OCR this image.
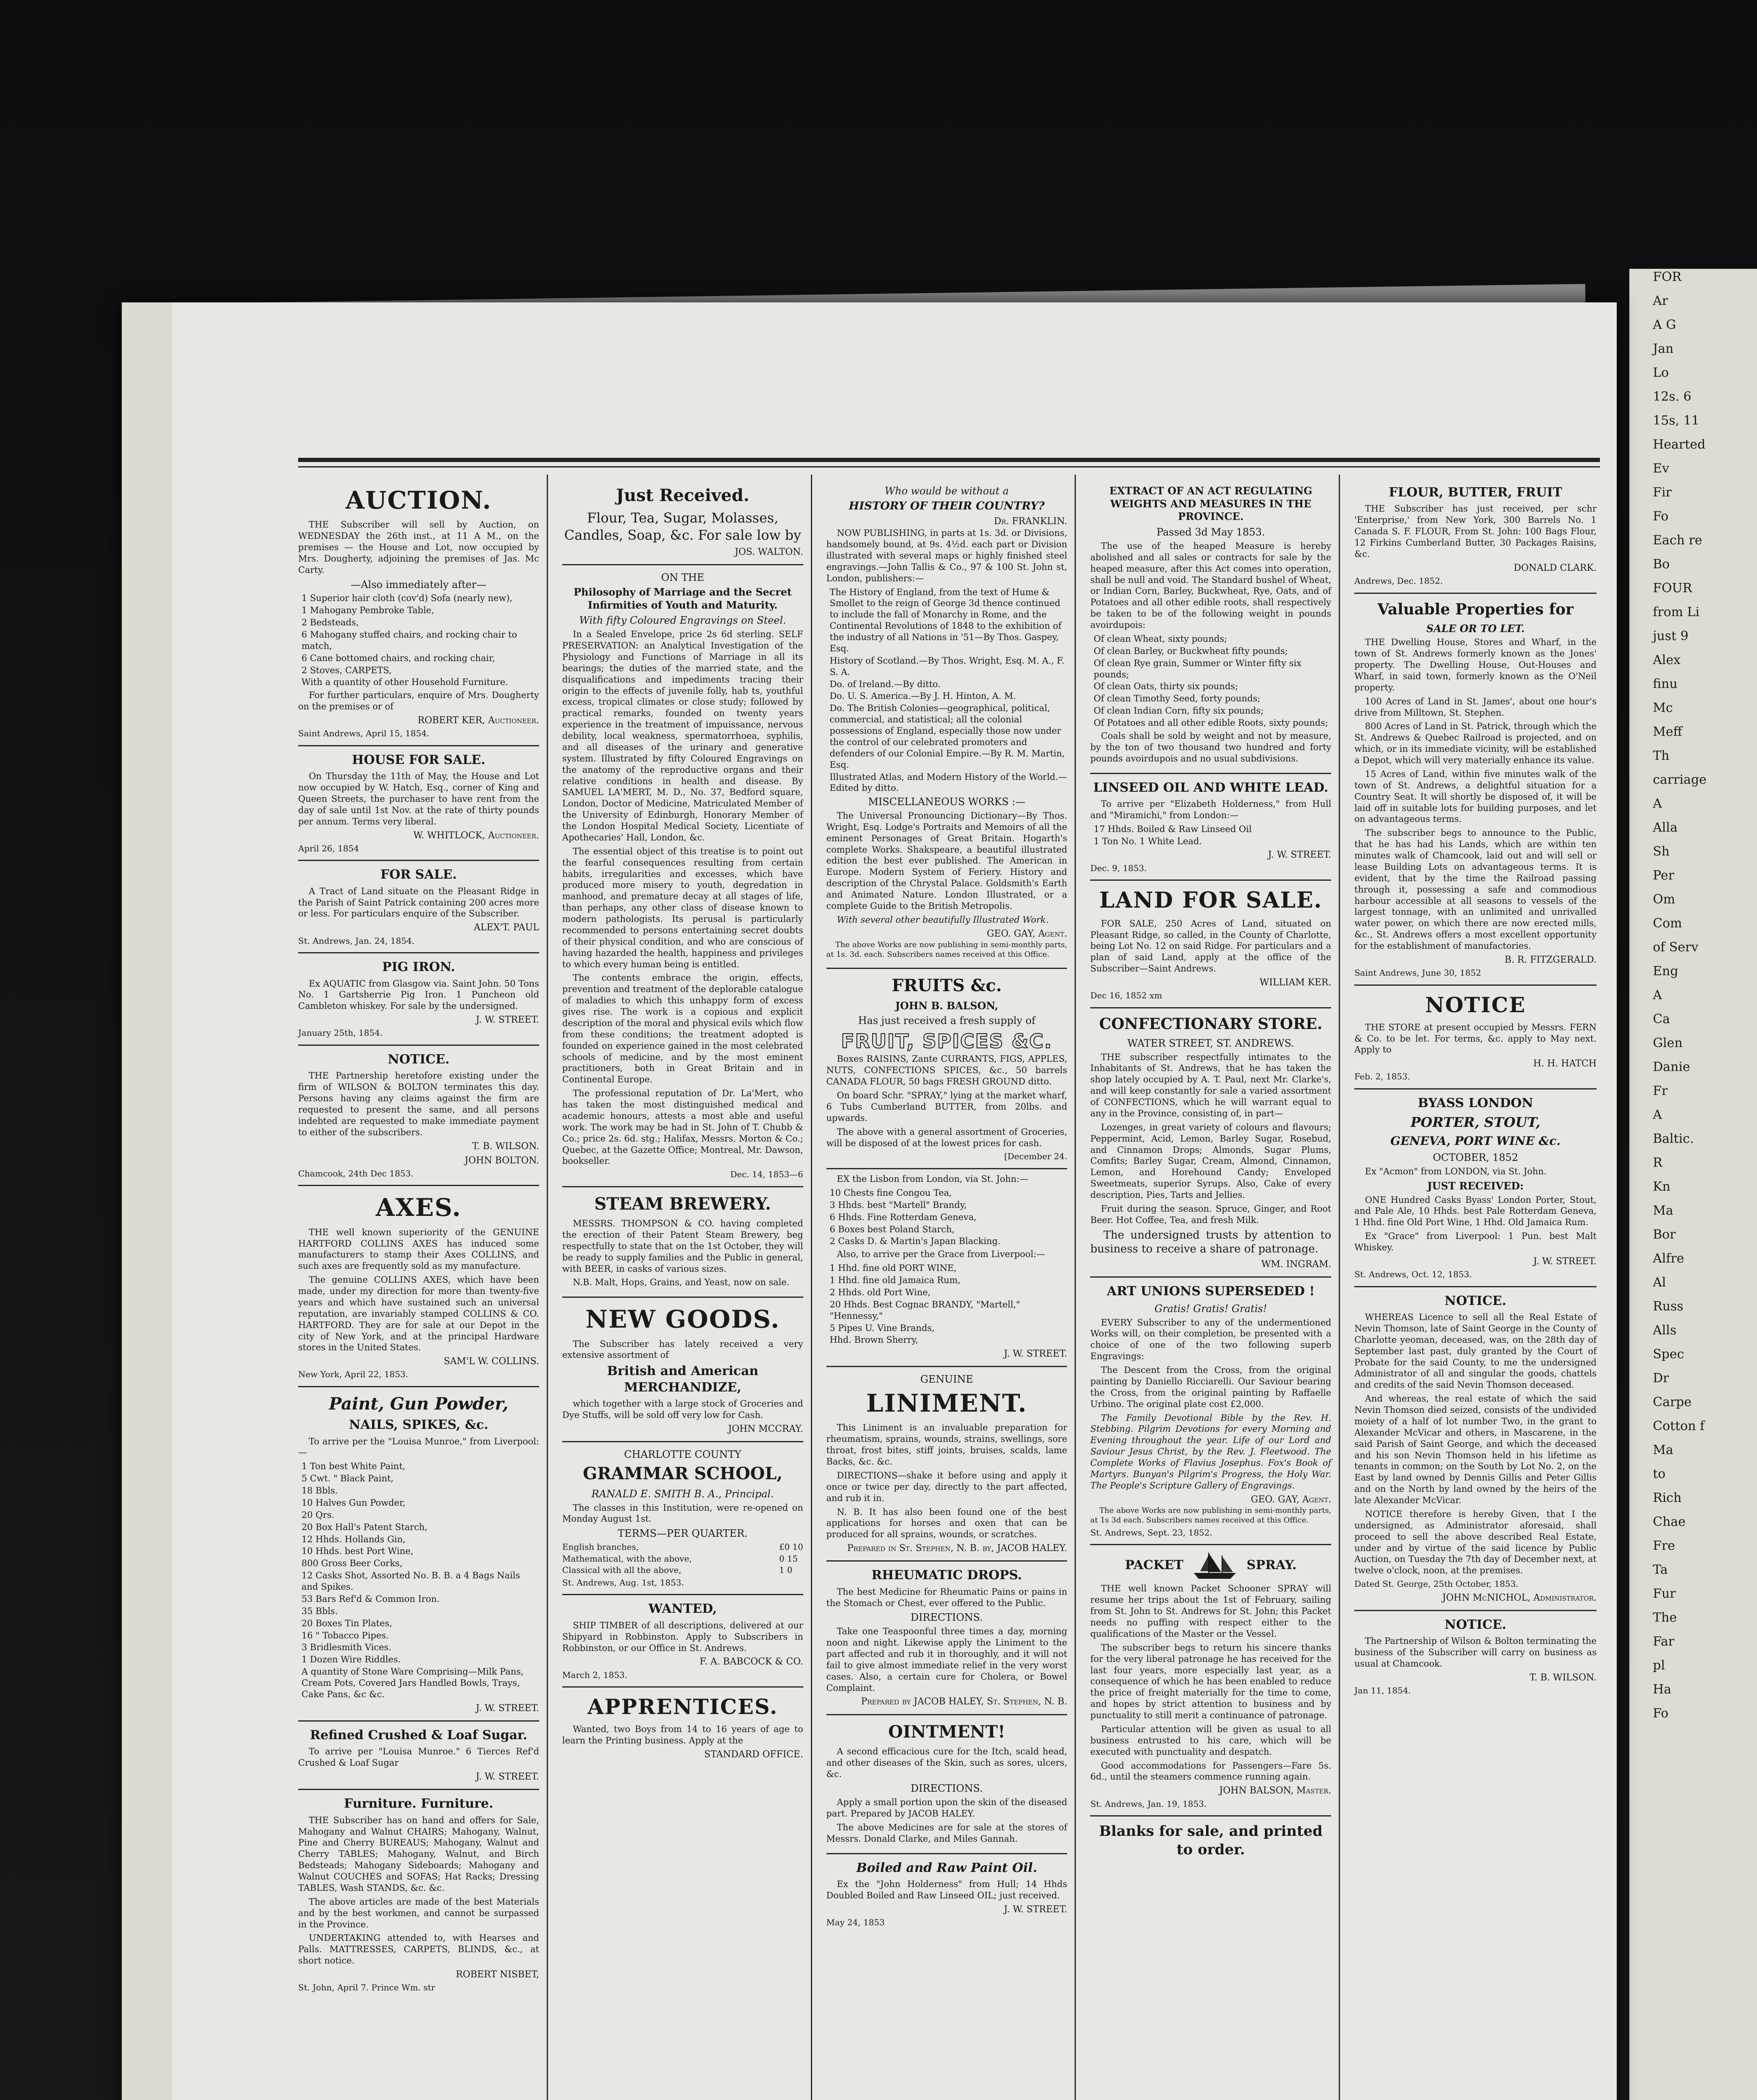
FOR

Ar

A G

Jan

Lo

12s. 6

15s, 11

Hearted

Ev

Fir

Fo

Each re

Bo

FOUR

from Li

just 9

Alex

finu

Mc

Meff

Th

carriage

A

Alla

Sh

Per

Om

Com

of Serv

Eng

A

Ca

Glen

Danie

Fr

A

Baltic.

R

Kn

Ma

Bor

Alfre

Al

Russ

Alls

Spec

Dr

Carpe

Cotton f

Ma

to

Rich

Chae

Fre

Ta

Fur

The

Far

pl

Ha

Fo

AUCTION.

THE Subscriber will sell by Auction, on WEDNESDAY the 26th inst., at 11 A M., on the premises — the House and Lot, now occupied by Mrs. Dougherty, adjoining the premises of Jas. Mc Carty.

—Also immediately after—
1 Superior hair cloth (cov'd) Sofa (nearly new),
1 Mahogany Pembroke Table,
2 Bedsteads,
6 Mahogany stuffed chairs, and rocking chair to match,
6 Cane bottomed chairs, and rocking chair,
2 Stoves, CARPETS,
With a quantity of other Household Furniture.

For further particulars, enquire of Mrs. Dougherty on the premises or of

ROBERT KER, Auctioneer.
Saint Andrews, April 15, 1854.
HOUSE FOR SALE.

On Thursday the 11th of May, the House and Lot now occupied by W. Hatch, Esq., corner of King and Queen Streets, the purchaser to have rent from the day of sale until 1st Nov. at the rate of thirty pounds per annum. Terms very liberal.

W. WHITLOCK, Auctioneer.
April 26, 1854
FOR SALE.

A Tract of Land situate on the Pleasant Ridge in the Parish of Saint Patrick containing 200 acres more or less. For particulars enquire of the Subscriber.

ALEX'T. PAUL
St. Andrews, Jan. 24, 1854.
PIG IRON.

Ex AQUATIC from Glasgow via. Saint John. 50 Tons No. 1 Gartsherrie Pig Iron. 1 Puncheon old Cambleton whiskey. For sale by the undersigned.

J. W. STREET.
January 25th, 1854.
NOTICE.

THE Partnership heretofore existing under the firm of WILSON & BOLTON terminates this day. Persons having any claims against the firm are requested to present the same, and all persons indebted are requested to make immediate payment to either of the subscribers.

T. B. WILSON.
JOHN BOLTON.
Chamcook, 24th Dec 1853.
AXES.

THE well known superiority of the GENUINE HARTFORD COLLINS AXES has induced some manufacturers to stamp their Axes COLLINS, and such axes are frequently sold as my manufacture.

The genuine COLLINS AXES, which have been made, under my direction for more than twenty-five years and which have sustained such an universal reputation, are invariably stamped COLLINS & CO. HARTFORD. They are for sale at our Depot in the city of New York, and at the principal Hardware stores in the United States.

SAM'L W. COLLINS.
New York, April 22, 1853.
Paint, Gun Powder,
NAILS, SPIKES, &c.

To arrive per the "Louisa Munroe," from Liverpool:—

1 Ton best White Paint,
5 Cwt. " Black Paint,
18 Bbls.
10 Halves Gun Powder,
20 Qrs.
20 Box Hall's Patent Starch,
12 Hhds. Hollands Gin,
10 Hhds. best Port Wine,
800 Gross Beer Corks,
12 Casks Shot, Assorted No. B. B. a 4 Bags Nails and Spikes.
53 Bars Ref'd & Common Iron.
35 Bbls.
20 Boxes Tin Plates,
16 " Tobacco Pipes.
3 Bridlesmith Vices.
1 Dozen Wire Riddles.
A quantity of Stone Ware Comprising—Milk Pans, Cream Pots, Covered Jars Handled Bowls, Trays, Cake Pans, &c &c.
J. W. STREET.
Refined Crushed & Loaf Sugar.

To arrive per "Louisa Munroe." 6 Tierces Ref'd Crushed & Loaf Sugar

J. W. STREET.
Furniture. Furniture.

THE Subscriber has on hand and offers for Sale, Mahogany and Walnut CHAIRS; Mahogany, Walnut, Pine and Cherry BUREAUS; Mahogany, Walnut and Cherry TABLES; Mahogany, Walnut, and Birch Bedsteads; Mahogany Sideboards; Mahogany and Walnut COUCHES and SOFAS; Hat Racks; Dressing TABLES, Wash STANDS, &c. &c.

The above articles are made of the best Materials and by the best workmen, and cannot be surpassed in the Province.

UNDERTAKING attended to, with Hearses and Palls. MATTRESSES, CARPETS, BLINDS, &c., at short notice.

ROBERT NISBET,
St. John, April 7. Prince Wm. str
Just Received.

Flour, Tea, Sugar, Molasses, Candles, Soap, &c. For sale low by

JOS. WALTON.
ON THE
Philosophy of Marriage and the Secret Infirmities of Youth and Maturity.
With fifty Coloured Engravings on Steel.

In a Sealed Envelope, price 2s 6d sterling. SELF PRESERVATION: an Analytical Investigation of the Physiology and Functions of Marriage in all its bearings; the duties of the married state, and the disqualifications and impediments tracing their origin to the effects of juvenile folly, hab ts, youthful excess, tropical climates or close study; followed by practical remarks, founded on twenty years experience in the treatment of impuissance, nervous debility, local weakness, spermatorrhoea, syphilis, and all diseases of the urinary and generative system. Illustrated by fifty Coloured Engravings on the anatomy of the reproductive organs and their relative conditions in health and disease. By SAMUEL LA'MERT, M. D., No. 37, Bedford square, London, Doctor of Medicine, Matriculated Member of the University of Edinburgh, Honorary Member of the London Hospital Medical Society, Licentiate of Apothecaries' Hall, London, &c.

The essential object of this treatise is to point out the fearful consequences resulting from certain habits, irregularities and excesses, which have produced more misery to youth, degredation in manhood, and premature decay at all stages of life, than perhaps, any other class of disease known to modern pathologists. Its perusal is particularly recommended to persons entertaining secret doubts of their physical condition, and who are conscious of having hazarded the health, happiness and privileges to which every human being is entitled.

The contents embrace the origin, effects, prevention and treatment of the deplorable catalogue of maladies to which this unhappy form of excess gives rise. The work is a copious and explicit description of the moral and physical evils which flow from these conditions; the treatment adopted is founded on experience gained in the most celebrated schools of medicine, and by the most eminent practitioners, both in Great Britain and in Continental Europe.

The professional reputation of Dr. La'Mert, who has taken the most distinguished medical and academic honours, attests a most able and useful work. The work may be had in St. John of T. Chubb & Co.; price 2s. 6d. stg.; Halifax, Messrs. Morton & Co.; Quebec, at the Gazette Office; Montreal, Mr. Dawson, bookseller.

Dec. 14, 1853—6
STEAM BREWERY.

MESSRS. THOMPSON & CO. having completed the erection of their Patent Steam Brewery, beg respectfully to state that on the 1st October, they will be ready to supply families and the Public in general, with BEER, in casks of various sizes.

N.B. Malt, Hops, Grains, and Yeast, now on sale.

NEW GOODS.

The Subscriber has lately received a very extensive assortment of

British and American MERCHANDIZE,

which together with a large stock of Groceries and Dye Stuffs, will be sold off very low for Cash.

JOHN MCCRAY.
CHARLOTTE COUNTY
GRAMMAR SCHOOL,
RANALD E. SMITH B. A., Principal.

The classes in this Institution, were re-opened on Monday August 1st.

TERMS—PER QUARTER.
English branches,	£0 10
Mathematical, with the above,	0 15
Classical with all the above,	1 0
St. Andrews, Aug. 1st, 1853.
WANTED,

SHIP TIMBER of all descriptions, delivered at our Shipyard in Robbinston. Apply to Subscribers in Robbinston, or our Office in St. Andrews.

F. A. BABCOCK & CO.
March 2, 1853.
APPRENTICES.

Wanted, two Boys from 14 to 16 years of age to learn the Printing business. Apply at the

STANDARD OFFICE.
Who would be without a
HISTORY OF THEIR COUNTRY?
Dr. FRANKLIN.

NOW PUBLISHING, in parts at 1s. 3d. or Divisions, handsomely bound, at 9s. 4½d. each part or Division illustrated with several maps or highly finished steel engravings.—John Tallis & Co., 97 & 100 St. John st, London, publishers:—

The History of England, from the text of Hume & Smollet to the reign of George 3d thence continued to include the fall of Monarchy in Rome, and the Continental Revolutions of 1848 to the exhibition of the industry of all Nations in '51—By Thos. Gaspey, Esq.
History of Scotland.—By Thos. Wright, Esq. M. A., F. S. A.
Do. of Ireland.—By ditto.
Do. U. S. America.—By J. H. Hinton, A. M.
Do. The British Colonies—geographical, political, commercial, and statistical; all the colonial possessions of England, especially those now under the control of our celebrated promoters and defenders of our Colonial Empire.—By R. M. Martin, Esq.
Illustrated Atlas, and Modern History of the World.—Edited by ditto.
MISCELLANEOUS WORKS :—

The Universal Pronouncing Dictionary—By Thos. Wright, Esq. Lodge's Portraits and Memoirs of all the eminent Personages of Great Britain. Hogarth's complete Works. Shakspeare, a beautiful illustrated edition the best ever published. The American in Europe. Modern System of Feriery. History and description of the Chrystal Palace. Goldsmith's Earth and Animated Nature. London Illustrated, or a complete Guide to the British Metropolis.

With several other beautifully Illustrated Work.

GEO. GAY, Agent.

The above Works are now publishing in semi-monthly parts, at 1s. 3d. each. Subscribers names received at this Office.

FRUITS &c.
JOHN B. BALSON,
Has just received a fresh supply of
FRUIT, SPICES &C.

Boxes RAISINS, Zante CURRANTS, FIGS, APPLES, NUTS, CONFECTIONS SPICES, &c., 50 barrels CANADA FLOUR, 50 bags FRESH GROUND ditto.

On board Schr. "SPRAY," lying at the market wharf, 6 Tubs Cumberland BUTTER, from 20lbs. and upwards.

The above with a general assortment of Groceries, will be disposed of at the lowest prices for cash.

[December 24.

EX the Lisbon from London, via St. John:—

10 Chests fine Congou Tea,
3 Hhds. best "Martell" Brandy,
6 Hhds. Fine Rotterdam Geneva,
6 Boxes best Poland Starch,
2 Casks D. & Martin's Japan Blacking.

Also, to arrive per the Grace from Liverpool:—

1 Hhd. fine old PORT WINE,
1 Hhd. fine old Jamaica Rum,
2 Hhds. old Port Wine,
20 Hhds. Best Cognac BRANDY, "Martell," "Hennessy,"
5 Pipes U. Vine Brands,
Hhd. Brown Sherry,
J. W. STREET.
GENUINE
LINIMENT.

This Liniment is an invaluable preparation for rheumatism, sprains, wounds, strains, swellings, sore throat, frost bites, stiff joints, bruises, scalds, lame Backs, &c. &c.

DIRECTIONS—shake it before using and apply it once or twice per day, directly to the part affected, and rub it in.

N. B. It has also been found one of the best applications for horses and oxen that can be produced for all sprains, wounds, or scratches.

Prepared in St. Stephen, N. B. by, JACOB HALEY.
RHEUMATIC DROPS.

The best Medicine for Rheumatic Pains or pains in the Stomach or Chest, ever offered to the Public.

DIRECTIONS.

Take one Teaspoonful three times a day, morning noon and night. Likewise apply the Liniment to the part affected and rub it in thoroughly, and it will not fail to give almost immediate relief in the very worst cases. Also, a certain cure for Cholera, or Bowel Complaint.

Prepared by JACOB HALEY, St. Stephen, N. B.
OINTMENT!

A second efficacious cure for the Itch, scald head, and other diseases of the Skin, such as sores, ulcers, &c.

DIRECTIONS.

Apply a small portion upon the skin of the diseased part. Prepared by JACOB HALEY.

The above Medicines are for sale at the stores of Messrs. Donald Clarke, and Miles Gannah.

Boiled and Raw Paint Oil.

Ex the "John Holderness" from Hull; 14 Hhds Doubled Boiled and Raw Linseed OIL; just received.

J. W. STREET.
May 24, 1853
EXTRACT OF AN ACT REGULATING WEIGHTS AND MEASURES IN THE PROVINCE.
Passed 3d May 1853.

The use of the heaped Measure is hereby abolished and all sales or contracts for sale by the heaped measure, after this Act comes into operation, shall be null and void. The Standard bushel of Wheat, or Indian Corn, Barley, Buckwheat, Rye, Oats, and of Potatoes and all other edible roots, shall respectively be taken to be of the following weight in pounds avoirdupois:

Of clean Wheat, sixty pounds;
Of clean Barley, or Buckwheat fifty pounds;
Of clean Rye grain, Summer or Winter fifty six pounds;
Of clean Oats, thirty six pounds;
Of clean Timothy Seed, forty pounds;
Of clean Indian Corn, fifty six pounds;
Of Potatoes and all other edible Roots, sixty pounds;

Coals shall be sold by weight and not by measure, by the ton of two thousand two hundred and forty pounds avoirdupois and no usual subdivisions.

LINSEED OIL AND WHITE LEAD.

To arrive per "Elizabeth Holderness," from Hull and "Miramichi," from London:—

17 Hhds. Boiled & Raw Linseed Oil
1 Ton No. 1 White Lead.
J. W. STREET.
Dec. 9, 1853.
LAND FOR SALE.

FOR SALE, 250 Acres of Land, situated on Pleasant Ridge, so called, in the County of Charlotte, being Lot No. 12 on said Ridge. For particulars and a plan of said Land, apply at the office of the Subscriber—Saint Andrews.

WILLIAM KER.
Dec 16, 1852 xm
CONFECTIONARY STORE.
WATER STREET, ST. ANDREWS.

THE subscriber respectfully intimates to the Inhabitants of St. Andrews, that he has taken the shop lately occupied by A. T. Paul, next Mr. Clarke's, and will keep constantly for sale a varied assortment of CONFECTIONS, which he will warrant equal to any in the Province, consisting of, in part—

Lozenges, in great variety of colours and flavours; Peppermint, Acid, Lemon, Barley Sugar, Rosebud, and Cinnamon Drops; Almonds, Sugar Plums, Comfits; Barley Sugar, Cream, Almond, Cinnamon, Lemon, and Horehound Candy; Enveloped Sweetmeats, superior Syrups. Also, Cake of every description, Pies, Tarts and Jellies.

Fruit during the season. Spruce, Ginger, and Root Beer. Hot Coffee, Tea, and fresh Milk.

The undersigned trusts by attention to business to receive a share of patronage.

WM. INGRAM.
ART UNIONS SUPERSEDED !
Gratis! Gratis! Gratis!

EVERY Subscriber to any of the undermentioned Works will, on their completion, be presented with a choice of one of the two following superb Engravings:

The Descent from the Cross, from the original painting by Daniello Ricciarelli. Our Saviour bearing the Cross, from the original painting by Raffaelle Urbino. The original plate cost £2,000.

The Family Devotional Bible by the Rev. H. Stebbing. Pilgrim Devotions for every Morning and Evening throughout the year. Life of our Lord and Saviour Jesus Christ, by the Rev. J. Fleetwood. The Complete Works of Flavius Josephus. Fox's Book of Martyrs. Bunyan's Pilgrim's Progress, the Holy War. The People's Scripture Gallery of Engravings.

GEO. GAY, Agent.

The above Works are now publishing in semi-monthly parts, at 1s 3d each. Subscribers names received at this Office.

St. Andrews, Sept. 23, 1852.
PACKET	SPRAY.

THE well known Packet Schooner SPRAY will resume her trips about the 1st of February, sailing from St. John to St. Andrews for St. John; this Packet needs no puffing with respect either to the qualifications of the Master or the Vessel.

The subscriber begs to return his sincere thanks for the very liberal patronage he has received for the last four years, more especially last year, as a consequence of which he has been enabled to reduce the price of freight materially for the time to come, and hopes by strict attention to business and by punctuality to still merit a continuance of patronage.

Particular attention will be given as usual to all business entrusted to his care, which will be executed with punctuality and despatch.

Good accommodations for Passengers—Fare 5s. 6d., until the steamers commence running again.

JOHN BALSON, Master.
St. Andrews, Jan. 19, 1853.
Blanks for sale, and printed to order.
FLOUR, BUTTER, FRUIT

THE Subscriber has just received, per schr 'Enterprise,' from New York, 300 Barrels No. 1 Canada S. F. FLOUR, From St. John: 100 Bags Flour, 12 Firkins Cumberland Butter, 30 Packages Raisins, &c.

DONALD CLARK.
Andrews, Dec. 1852.
Valuable Properties for
SALE OR TO LET.

THE Dwelling House, Stores and Wharf, in the town of St. Andrews formerly known as the Jones' property. The Dwelling House, Out-Houses and Wharf, in said town, formerly known as the O'Neil property.

100 Acres of Land in St. James', about one hour's drive from Milltown, St. Stephen.

800 Acres of Land in St. Patrick, through which the St. Andrews & Quebec Railroad is projected, and on which, or in its immediate vicinity, will be established a Depot, which will very materially enhance its value.

15 Acres of Land, within five minutes walk of the town of St. Andrews, a delightful situation for a Country Seat. It will shortly be disposed of, it will be laid off in suitable lots for building purposes, and let on advantageous terms.

The subscriber begs to announce to the Public, that he has had his Lands, which are within ten minutes walk of Chamcook, laid out and will sell or lease Building Lots on advantageous terms. It is evident, that by the time the Railroad passing through it, possessing a safe and commodious harbour accessible at all seasons to vessels of the largest tonnage, with an unlimited and unrivalled water power, on which there are now erected mills, &c., St. Andrews offers a most excellent opportunity for the establishment of manufactories.

B. R. FITZGERALD.
Saint Andrews, June 30, 1852
NOTICE

THE STORE at present occupied by Messrs. FERN & Co. to be let. For terms, &c. apply to May next. Apply to

H. H. HATCH
Feb. 2, 1853.
BYASS LONDON
PORTER, STOUT,
GENEVA, PORT WINE &c.
OCTOBER, 1852

Ex "Acmon" from LONDON, via St. John.

JUST RECEIVED:

ONE Hundred Casks Byass' London Porter, Stout, and Pale Ale, 10 Hhds. best Pale Rotterdam Geneva, 1 Hhd. fine Old Port Wine, 1 Hhd. Old Jamaica Rum.

Ex "Grace" from Liverpool: 1 Pun. best Malt Whiskey.

J. W. STREET.
St. Andrews, Oct. 12, 1853.
NOTICE.

WHEREAS Licence to sell all the Real Estate of Nevin Thomson, late of Saint George in the County of Charlotte yeoman, deceased, was, on the 28th day of September last past, duly granted by the Court of Probate for the said County, to me the undersigned Administrator of all and singular the goods, chattels and credits of the said Nevin Thomson deceased.

And whereas, the real estate of which the said Nevin Thomson died seized, consists of the undivided moiety of a half of lot number Two, in the grant to Alexander McVicar and others, in Mascarene, in the said Parish of Saint George, and which the deceased and his son Nevin Thomson held in his lifetime as tenants in common; on the South by Lot No. 2, on the East by land owned by Dennis Gillis and Peter Gillis and on the North by land owned by the heirs of the late Alexander McVicar.

NOTICE therefore is hereby Given, that I the undersigned, as Administrator aforesaid, shall proceed to sell the above described Real Estate, under and by virtue of the said licence by Public Auction, on Tuesday the 7th day of December next, at twelve o'clock, noon, at the premises.

Dated St. George, 25th October, 1853.
JOHN McNICHOL, Administrator.
NOTICE.

The Partnership of Wilson & Bolton terminating the business of the Subscriber will carry on business as usual at Chamcook.

T. B. WILSON.
Jan 11, 1854.
